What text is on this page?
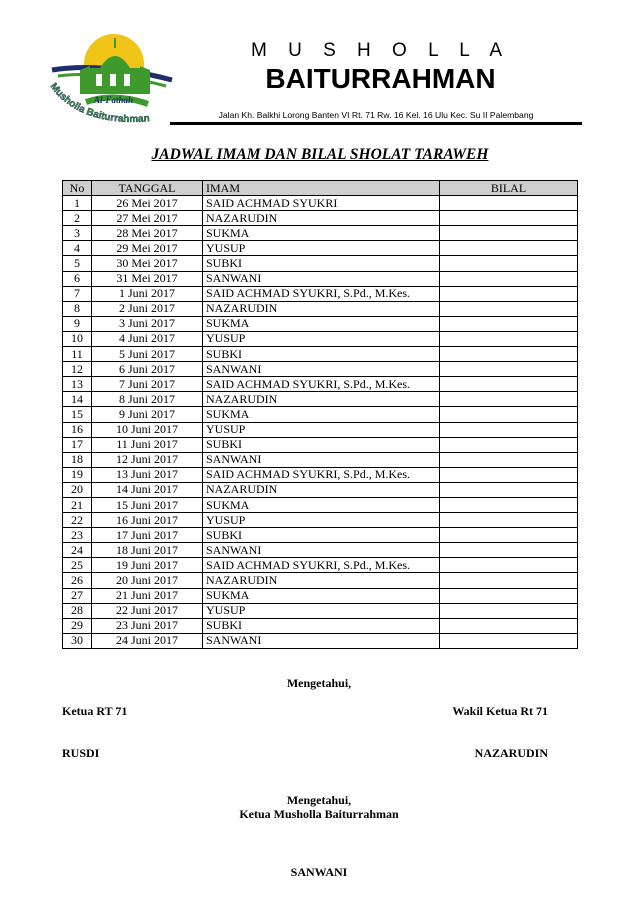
Al-Fathah
Musholla Baiturrahman
M U S H O L L A
BAITURRAHMAN
Jalan Kh. Balkhi Lorong Banten VI Rt. 71 Rw. 16 Kel. 16 Ulu Kec. Su II Palembang
JADWAL IMAM DAN BILAL SHOLAT TARAWEH
No	TANGGAL	IMAM	BILAL
1	26 Mei 2017	SAID ACHMAD SYUKRI	
2	27 Mei 2017	NAZARUDIN	
3	28 Mei 2017	SUKMA	
4	29 Mei 2017	YUSUP	
5	30 Mei 2017	SUBKI	
6	31 Mei 2017	SANWANI	
7	1 Juni 2017	SAID ACHMAD SYUKRI, S.Pd., M.Kes.	
8	2 Juni 2017	NAZARUDIN	
9	3 Juni 2017	SUKMA	
10	4 Juni 2017	YUSUP	
11	5 Juni 2017	SUBKI	
12	6 Juni 2017	SANWANI	
13	7 Juni 2017	SAID ACHMAD SYUKRI, S.Pd., M.Kes.	
14	8 Juni 2017	NAZARUDIN	
15	9 Juni 2017	SUKMA	
16	10 Juni 2017	YUSUP	
17	11 Juni 2017	SUBKI	
18	12 Juni 2017	SANWANI	
19	13 Juni 2017	SAID ACHMAD SYUKRI, S.Pd., M.Kes.	
20	14 Juni 2017	NAZARUDIN	
21	15 Juni 2017	SUKMA	
22	16 Juni 2017	YUSUP	
23	17 Juni 2017	SUBKI	
24	18 Juni 2017	SANWANI	
25	19 Juni 2017	SAID ACHMAD SYUKRI, S.Pd., M.Kes.	
26	20 Juni 2017	NAZARUDIN	
27	21 Juni 2017	SUKMA	
28	22 Juni 2017	YUSUP	
29	23 Juni 2017	SUBKI	
30	24 Juni 2017	SANWANI	
Mengetahui,
Ketua RT 71	Wakil Ketua Rt 71
RUSDI	NAZARUDIN
Mengetahui,
Ketua Musholla Baiturrahman
SANWANI
